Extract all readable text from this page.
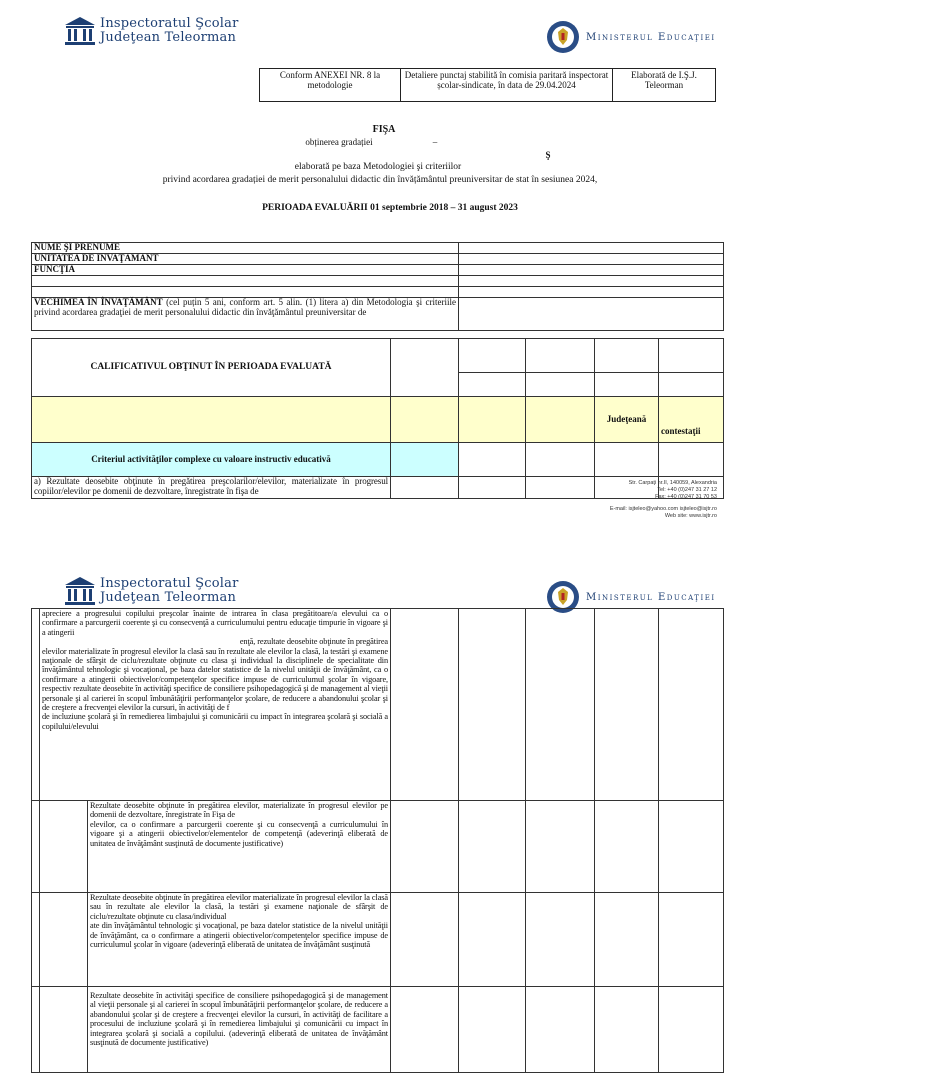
Inspectoratul Şcolar
Judeţean Teleorman	Ministerul Educaţiei
Conform ANEXEI NR. 8 la metodologie	Detaliere punctaj stabilită în comisia paritară inspectorat școlar-sindicate, în data de 29.04.2024	Elaborată de I.Ş.J. Teleorman
FIŞA
obținerea gradației	–
Ş
elaborată pe baza Metodologiei şi criteriilor
privind acordarea gradației de merit personalului didactic din învățământul preuniversitar de stat în sesiunea 2024,
PERIOADA EVALUĂRII 01 septembrie 2018 – 31 august 2023
NUME ŞI PRENUME	
UNITATEA DE INVAŢAMANT	
FUNCŢIA	

VECHIMEA ÎN ÎNVAŢĂMÂNT (cel puțin 5 ani, conform art. 5 alin. (1) litera a) din Metodologia şi criteriile privind acordarea gradaţiei de merit personalului didactic din învăţământul preuniversitar de	
CALIFICATIVUL OBŢINUT ÎN PERIOADA EVALUATĂ					

				Judeţeană	contestaţii
Criteriul activităţilor complexe cu valoare instructiv educativă					
a) Rezultate deosebite obţinute în pregătirea preşcolarilor/elevilor, materializate în progresul copiilor/elevilor pe domenii de dezvoltare, înregistrate în fişa de					
Str. Carpaţi nr.II, 140059, Alexandria
Tel: +40 (0)247 31 27 12
Fax: +40 (0)247 31 70 53
E-mail: isjteleo@yahoo.com isjteleo@isjtr.ro
Web site: www.isjtr.ro
Inspectoratul Şcolar
Judeţean Teleorman	Ministerul Educaţiei

	apreciere a progresului copilului preşcolar înainte de intrarea în clasa pregătitoare/a elevului ca o confirmare a parcurgerii coerente şi cu consecvenţă a curriculumului pentru educaţie timpurie în vigoare şi a atingerii
enţă, rezultate deosebite obţinute în pregătirea
elevilor materializate în progresul elevilor la clasă sau în rezultate ale elevilor la clasă, la testări şi examene naţionale de sfârşit de ciclu/rezultate obţinute cu clasa şi individual la disciplinele de specialitate din învăţământul tehnologic şi vocaţional, pe baza datelor statistice de la nivelul unităţii de învăţământ, ca o confirmare a atingerii obiectivelor/competenţelor specifice impuse de curriculumul şcolar în vigoare, respectiv rezultate deosebite în activităţi specifice de consiliere psihopedagogică şi de management al vieţii personale şi al carierei în scopul îmbunătăţirii performanţelor şcolare, de reducere a abandonului şcolar şi de creştere a frecvenţei elevilor la cursuri, în activităţi de f
de incluziune şcolară şi în remedierea limbajului şi comunicării cu impact în integrarea şcolară şi socială a copilului/elevului						

		Rezultate deosebite obţinute în pregătirea elevilor, materializate în progresul elevilor pe domenii de dezvoltare, înregistrate în Fişa de
elevilor, ca o confirmare a parcurgerii coerente şi cu consecvenţă a curriculumului în vigoare şi a atingerii obiectivelor/elementelor de competenţă (adeverinţă eliberată de unitatea de învăţământ susţinută de documente justificative)					

		Rezultate deosebite obţinute în pregătirea elevilor materializate în progresul elevilor la clasă sau în rezultate ale elevilor la clasă, la testări şi examene naţionale de sfârşit de ciclu/rezultate obţinute cu clasa/individual
ate din învăţământul tehnologic şi vocaţional, pe baza datelor statistice de la nivelul unităţii de învăţământ, ca o confirmare a atingerii obiectivelor/competenţelor specifice impuse de curriculumul şcolar în vigoare (adeverinţă eliberată de unitatea de învăţământ susţinută					

		Rezultate deosebite în activităţi specifice de consiliere psihopedagogică şi de management al vieţii personale şi al carierei în scopul îmbunătăţirii performanţelor şcolare, de reducere a abandonului şcolar şi de creştere a frecvenţei elevilor la cursuri, în activităţi de facilitare a procesului de incluziune şcolară şi în remedierea limbajului şi comunicării cu impact în integrarea şcolară şi socială a copilului. (adeverinţă eliberată de unitatea de învăţământ susţinută de documente justificative)					
